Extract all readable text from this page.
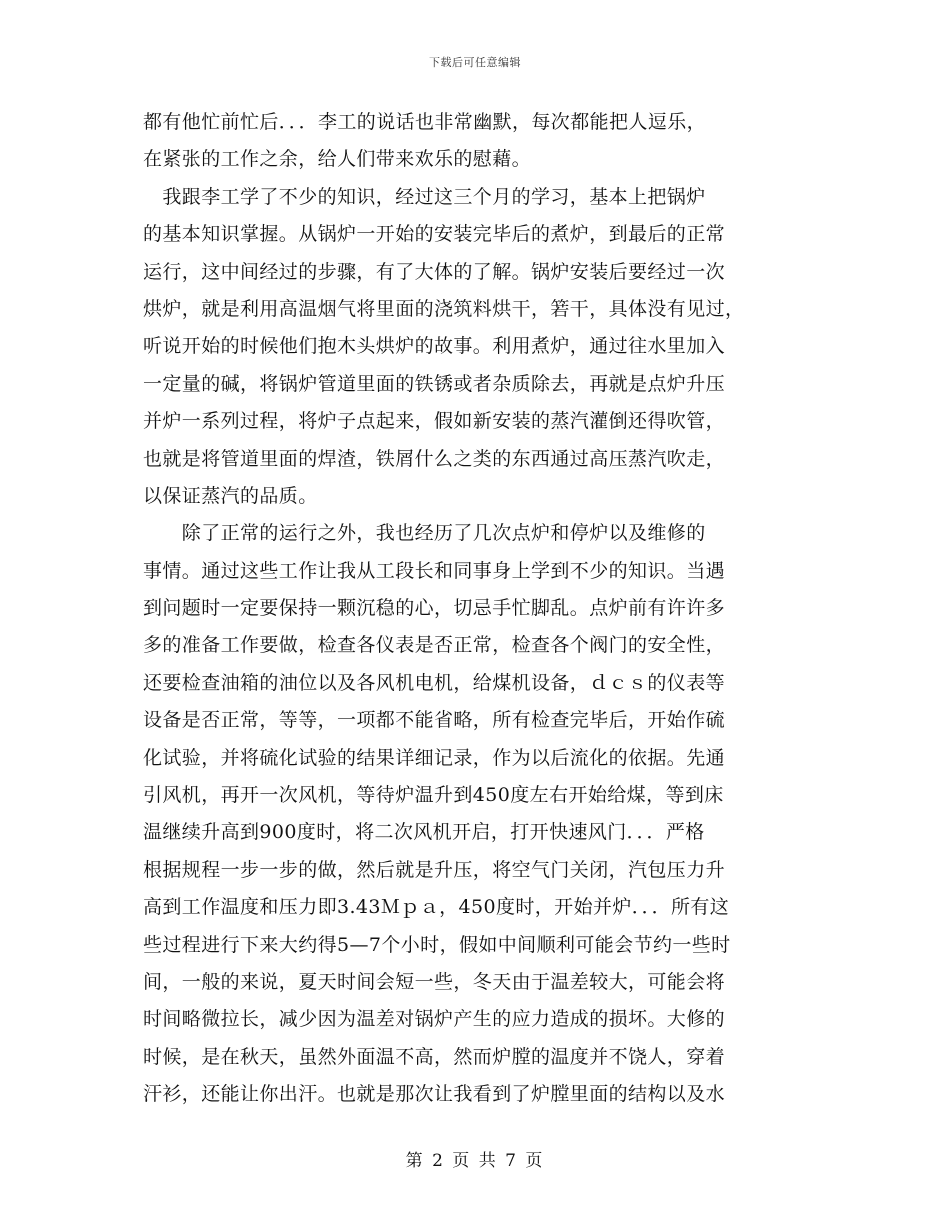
下载后可任意编辑
都有他忙前忙后．．．李工的说话也非常幽默，每次都能把人逗乐，
在紧张的工作之余，给人们带来欢乐的慰藉。
　我跟李工学了不少的知识，经过这三个月的学习，基本上把锅炉
的基本知识掌握。从锅炉一开始的安装完毕后的煮炉，到最后的正常
运行，这中间经过的步骤，有了大体的了解。锅炉安装后要经过一次
烘炉，就是利用高温烟气将里面的浇筑料烘干，箬干，具体没有见过，
听说开始的时候他们抱木头烘炉的故事。利用煮炉，通过往水里加入
一定量的碱，将锅炉管道里面的铁锈或者杂质除去，再就是点炉升压
并炉一系列过程，将炉子点起来，假如新安装的蒸汽灌倒还得吹管，
也就是将管道里面的焊渣，铁屑什么之类的东西通过高压蒸汽吹走，
以保证蒸汽的品质。
　　除了正常的运行之外，我也经历了几次点炉和停炉以及维修的
事情。通过这些工作让我从工段长和同事身上学到不少的知识。当遇
到问题时一定要保持一颗沉稳的心，切忌手忙脚乱。点炉前有许许多
多的准备工作要做，检查各仪表是否正常，检查各个阀门的安全性，
还要检查油箱的油位以及各风机电机，给煤机设备，ｄｃｓ的仪表等
设备是否正常，等等，一项都不能省略，所有检查完毕后，开始作硫
化试验，并将硫化试验的结果详细记录，作为以后流化的依据。先通
引风机，再开一次风机，等待炉温升到450度左右开始给煤，等到床
温继续升高到900度时，将二次风机开启，打开快速风门．．．严格
根据规程一步一步的做，然后就是升压，将空气门关闭，汽包压力升
高到工作温度和压力即3.43Ｍｐａ，450度时，开始并炉．．．所有这
些过程进行下来大约得5—7个小时，假如中间顺利可能会节约一些时
间，一般的来说，夏天时间会短一些，冬天由于温差较大，可能会将
时间略微拉长，减少因为温差对锅炉产生的应力造成的损坏。大修的
时候，是在秋天，虽然外面温不高，然而炉膛的温度并不饶人，穿着
汗衫，还能让你出汗。也就是那次让我看到了炉膛里面的结构以及水
第 2 页 共 7 页
